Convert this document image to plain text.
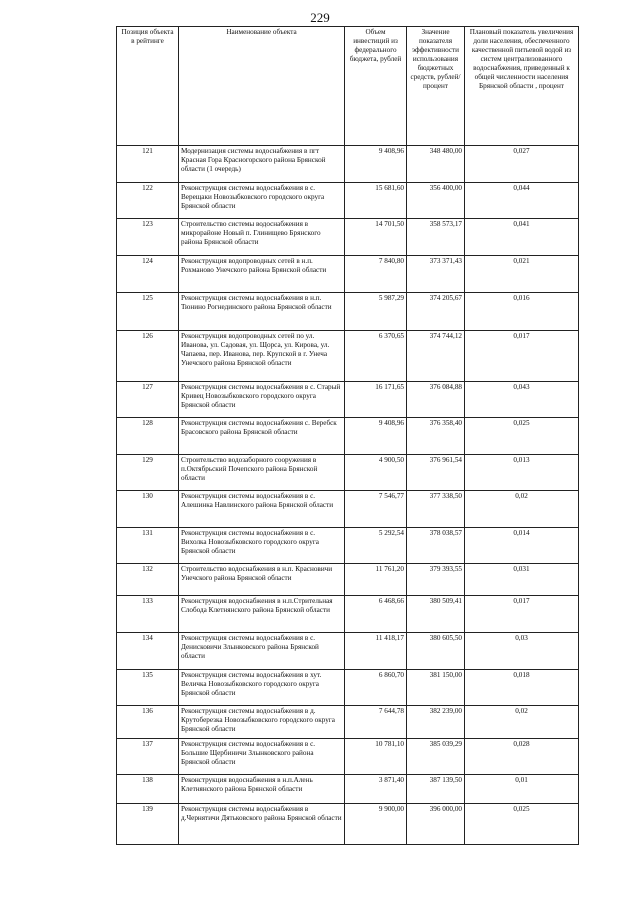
229
Позиция объекта в рейтинге	Наименование объекта	Объем инвестиций из федерального бюджета, рублей	Значение показателя эффективности использования бюджетных средств, рублей/процент	Плановый показатель увеличения доли населения, обеспеченного качественной питьевой водой из систем централизованного водоснабжения, приведенный к общей численности населения Брянской области , процент
121	Модернизация системы водоснабжения в пгт Красная Гора Красногорского района Брянской области (1 очередь)	9 408,96	348 480,00	0,027
122	Реконструкция системы водоснабжения в с. Верещаки Новозыбковского городского округа Брянской области	15 681,60	356 400,00	0,044
123	Строительство системы водоснабжения в микрорайоне Новый п. Глинищево Брянского района Брянской области	14 701,50	358 573,17	0,041
124	Реконструкция водопроводных сетей в н.п. Рохманово Унечского района Брянской области	7 840,80	373 371,43	0,021
125	Реконструкция системы водоснабжения в н.п. Тюнино Рогнединского района Брянской области	5 987,29	374 205,67	0,016
126	Реконструкция водопроводных сетей по ул. Иванова, ул. Садовая, ул. Щорса, ул. Кирова, ул. Чапаева, пер. Иванова, пер. Крупской в г. Унеча Унечского района Брянской области	6 370,65	374 744,12	0,017
127	Реконструкция системы водоснабжения в с. Старый Кривец Новозыбковского городского округа Брянской области	16 171,65	376 084,88	0,043
128	Реконструкция системы водоснабжения с. Веребск Брасовского района Брянской области	9 408,96	376 358,40	0,025
129	Строительство водозаборного сооружения в п.Октябрьский Почепского района Брянской области	4 900,50	376 961,54	0,013
130	Реконструкция системы водоснабжения в с. Алешинка Навлинского района Брянской области	7 546,77	377 338,50	0,02
131	Реконструкция системы водоснабжения в с. Вихолка Новозыбковского городского округа Брянской области	5 292,54	378 038,57	0,014
132	Строительство водоснабжения в н.п. Красновичи Унечского района Брянской области	11 761,20	379 393,55	0,031
133	Реконструкция водоснабжения в н.п.Стрительная Слобода Клетнянского района Брянской области	6 468,66	380 509,41	0,017
134	Реконструкция системы водоснабжения в с. Денисковичи Злынковского района Брянской области	11 418,17	380 605,50	0,03
135	Реконструкция системы водоснабжения в хут. Величка Новозыбковского городского округа Брянской области	6 860,70	381 150,00	0,018
136	Реконструкция системы водоснабжения в д. Крутоберезка Новозыбковского городского округа Брянской области	7 644,78	382 239,00	0,02
137	Реконструкция системы водоснабжения в с. Большие Щербиничи Злынковского района Брянской области	10 781,10	385 039,29	0,028
138	Реконструкция водоснабжения в н.п.Алень Клетнянского района Брянской области	3 871,40	387 139,50	0,01
139	Реконструкция системы водоснабжения в д.Чернятичи Дятьковского района Брянской области	9 900,00	396 000,00	0,025
